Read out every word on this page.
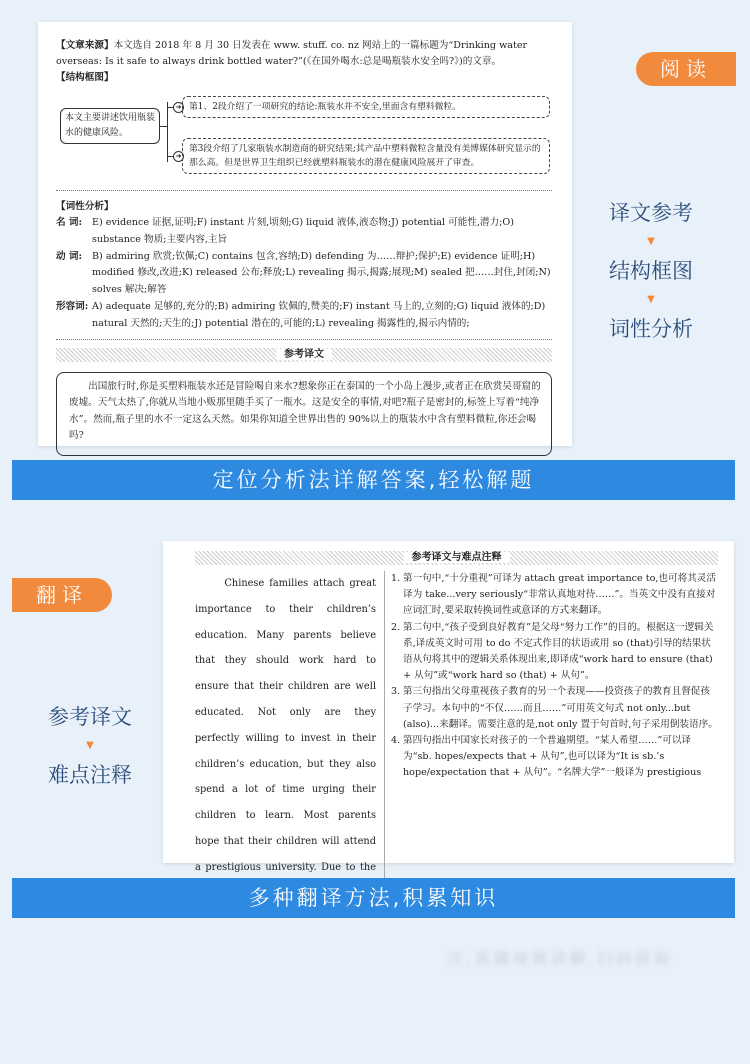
【文章来源】本文选自 2018 年 8 月 30 日发表在 www. stuff. co. nz 网站上的一篇标题为“Drinking water overseas: Is it safe to always drink bottled water?”(《在国外喝水:总是喝瓶装水安全吗?》)的文章。
【结构框图】
本文主要讲述饮用瓶装水的健康风险。
➜
➜
第1、2段介绍了一项研究的结论:瓶装水并不安全,里面含有塑料微粒。
第3段介绍了几家瓶装水制造商的研究结果;其产品中塑料微粒含量没有美博媒体研究显示的那么高。但是世界卫生组织已经就塑料瓶装水的潜在健康风险展开了审查。
【词性分析】
名 词:	E) evidence 证据,证明;F) instant 片刻,顷刻;G) liquid 液体,液态物;J) potential 可能性,潜力;O) substance 物质;主要内容,主旨
动 词:	B) admiring 欣赏;钦佩;C) contains 包含,容纳;D) defending 为……辩护;保护;E) evidence 证明;H) modified 修改,改进;K) released 公布;释放;L) revealing 揭示,揭露;展现;M) sealed 把……封住,封闭;N) solves 解决;解答
形容词: A) adequate 足够的,充分的;B) admiring 钦佩的,赞美的;F) instant 马上的,立刻的;G) liquid 液体的;D) natural 天然的;天生的;J) potential 潜在的,可能的;L) revealing 揭露性的,揭示内情的;
参考译文
出国旅行时,你是买塑料瓶装水还是冒险喝自来水?想象你正在泰国的一个小岛上漫步,或者正在欣赏吴哥窟的废墟。天气太热了,你就从当地小贩那里随手买了一瓶水。这是安全的事情,对吧?瓶子是密封的,标签上写着“纯净水”。然而,瓶子里的水不一定这么天然。如果你知道全世界出售的 90%以上的瓶装水中含有塑料微粒,你还会喝吗?
阅读
译文参考
▼
结构框图
▼
词性分析
定位分析法详解答案,轻松解题
翻译
参考译文
▼
难点注释
参考译文与难点注释
Chinese families attach great importance to their children’s education. Many parents believe that they should work hard to ensure that their children are well educated. Not only are they perfectly willing to invest in their children’s education, but they also spend a lot of time urging their children to learn. Most parents hope that their children will attend a prestigious university. Due to the
1. 第一句中,“十分重视”可译为 attach great importance to,也可将其灵活译为 take...very seriously“非常认真地对待……”。当英文中没有直接对应词汇时,要采取转换词性或意译的方式来翻译。
2. 第二句中,“孩子受到良好教育”是父母“努力工作”的目的。根据这一逻辑关系,译成英文时可用 to do 不定式作目的状语或用 so (that)引导的结果状语从句将其中的逻辑关系体现出来,即译成“work hard to ensure (that) + 从句”或“work hard so (that) + 从句”。
3. 第三句指出父母重视孩子教育的另一个表现——投资孩子的教育且督促孩子学习。本句中的“不仅……而且……”可用英文句式 not only...but (also)...来翻译。需要注意的是,not only 置于句首时,句子采用倒装语序。
4. 第四句指出中国家长对孩子的一个普遍期望。“某人希望……”可以译为“sb. hopes/expects that + 从句”,也可以译为“It is sb.’s hope/expectation that + 从句”。“名牌大学”一般译为 prestigious
多种翻译方法,积累知识
注,真题视频讲解,扫码获取
